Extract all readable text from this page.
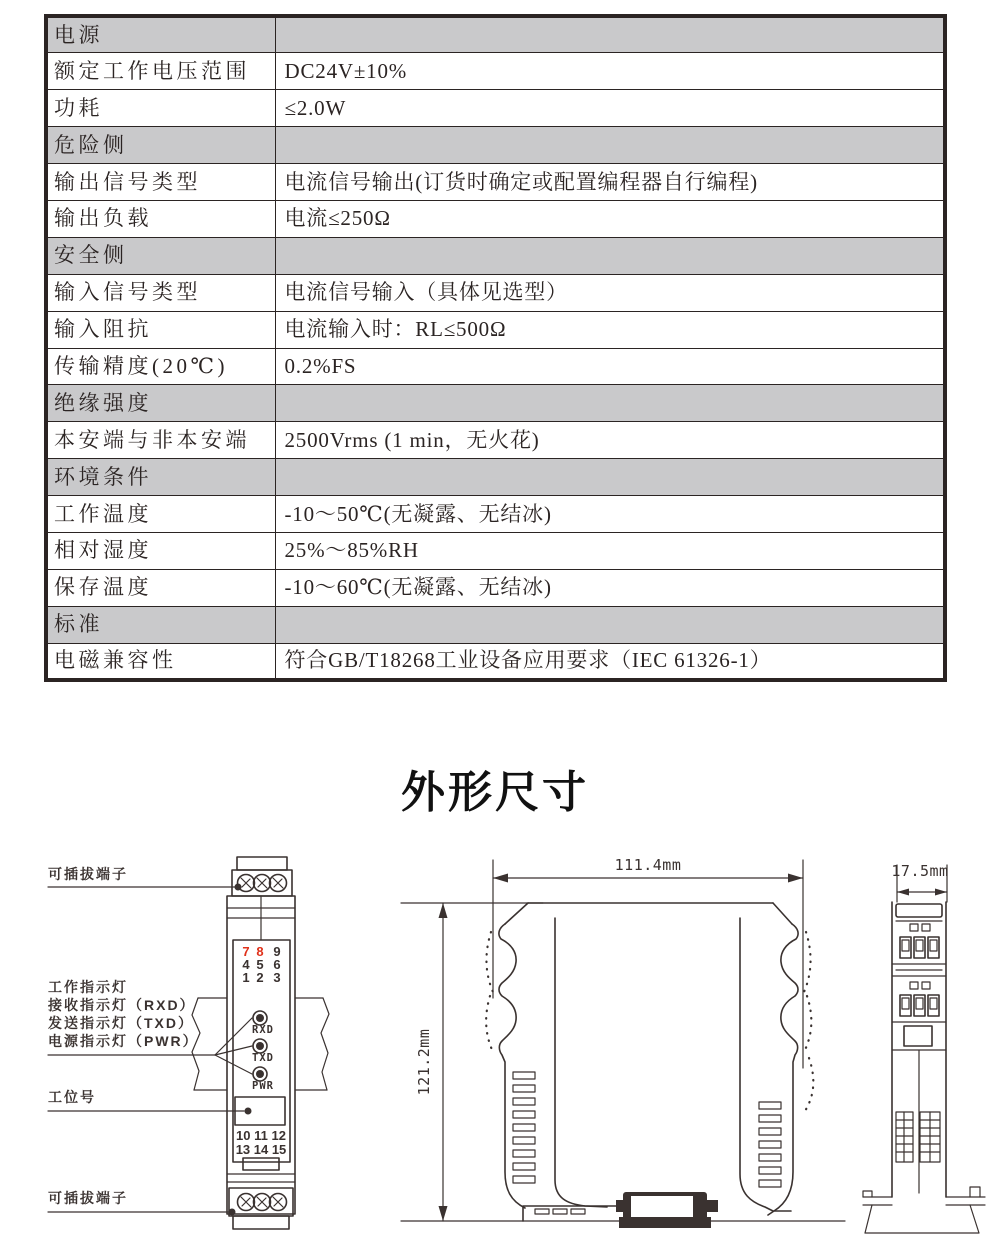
电源	
额定工作电压范围	DC24V±10%
功耗	≤2.0W
危险侧	
输出信号类型	电流信号输出(订货时确定或配置编程器自行编程)
输出负载	电流≤250Ω
安全侧	
输入信号类型	电流信号输入（具体见选型）
输入阻抗	电流输入时：RL≤500Ω
传输精度(20℃)	0.2%FS
绝缘强度	
本安端与非本安端	2500Vrms (1 min，无火花)
环境条件	
工作温度	-10～50℃(无凝露、无结冰)
相对湿度	25%～85%RH
保存温度	-10～60℃(无凝露、无结冰)
标准	
电磁兼容性	符合GB/T18268工业设备应用要求（IEC 61326-1）
外形尺寸
可插拔端子
工作指示灯
接收指示灯（RXD）
发送指示灯（TXD）
电源指示灯（PWR）
工位号
可插拔端子
7 8 9
4 5 6
1 2 3
RXD
TXD
PWR
10 11 12
13 14 15
111.4mm
121.2mm
17.5mm
